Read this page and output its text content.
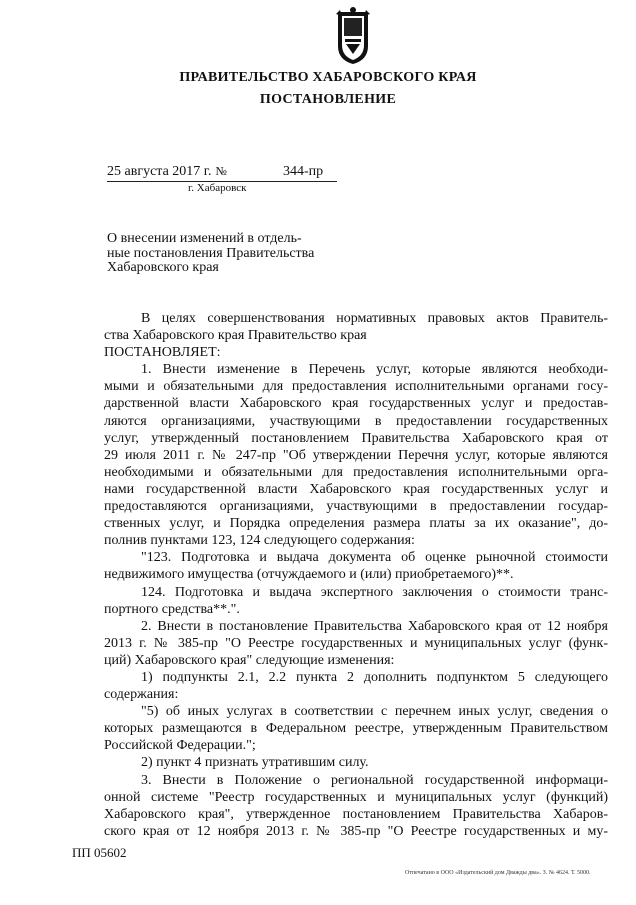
ПРАВИТЕЛЬСТВО ХАБАРОВСКОГО КРАЯ
ПОСТАНОВЛЕНИЕ
25 августа 2017 г. №	344-пр
г. Хабаровск
О внесении изменений в отдель-
ные постановления Правительства
Хабаровского края
В целях совершенствования нормативных правовых актов Правитель-
ства Хабаровского края Правительство края
ПОСТАНОВЛЯЕТ:
1. Внести изменение в Перечень услуг, которые являются необходи-
мыми и обязательными для предоставления исполнительными органами госу-
дарственной власти Хабаровского края государственных услуг и предостав-
ляются организациями, участвующими в предоставлении государственных
услуг, утвержденный постановлением Правительства Хабаровского края от
29 июля 2011 г. № 247-пр "Об утверждении Перечня услуг, которые являются
необходимыми и обязательными для предоставления исполнительными орга-
нами государственной власти Хабаровского края государственных услуг и
предоставляются организациями, участвующими в предоставлении государ-
ственных услуг, и Порядка определения размера платы за их оказание", до-
полнив пунктами 123, 124 следующего содержания:
"123. Подготовка и выдача документа об оценке рыночной стоимости
недвижимого имущества (отчуждаемого и (или) приобретаемого)**.
124. Подготовка и выдача экспертного заключения о стоимости транс-
портного средства**.".
2. Внести в постановление Правительства Хабаровского края от 12 ноября
2013 г. № 385-пр "О Реестре государственных и муниципальных услуг (функ-
ций) Хабаровского края" следующие изменения:
1) подпункты 2.1, 2.2 пункта 2 дополнить подпунктом 5 следующего
содержания:
"5) об иных услугах в соответствии с перечнем иных услуг, сведения о
которых размещаются в Федеральном реестре, утвержденным Правительством
Российской Федерации.";
2) пункт 4 признать утратившим силу.
3. Внести в Положение о региональной государственной информаци-
онной системе "Реестр государственных и муниципальных услуг (функций)
Хабаровского края", утвержденное постановлением Правительства Хабаров-
ского края от 12 ноября 2013 г. № 385-пр "О Реестре государственных и му-
ПП 05602
Отпечатано в ООО «Издательский дом Дважды два». З. № 4624. Т. 5000.
